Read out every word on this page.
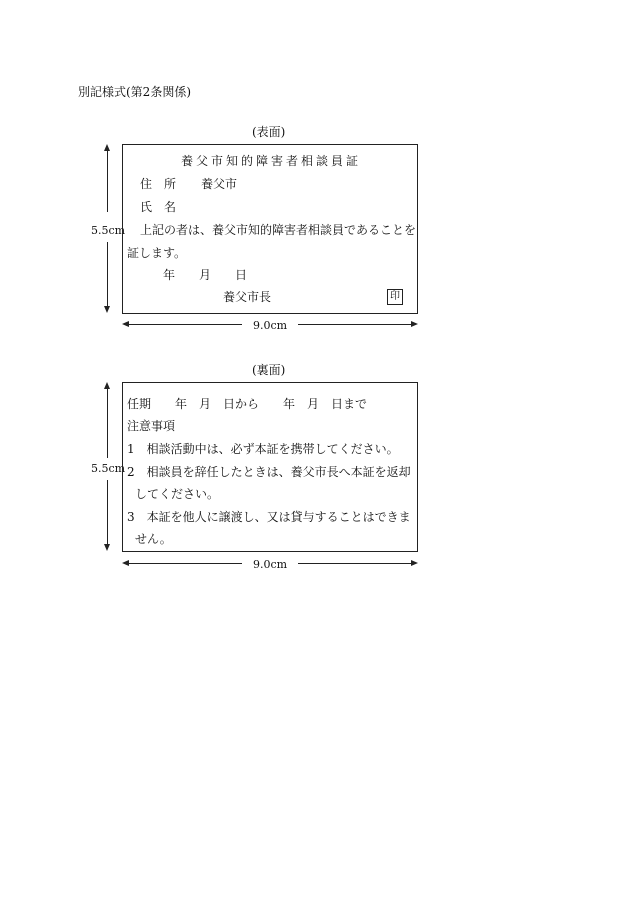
別記様式(第2条関係)
(表面)
5.5cm
養父市知的障害者相談員証
住　所 養父市
氏　名
上記の者は、養父市知的障害者相談員であることを
証します。
年　　月　　日
養父市長	印
9.0cm
(裏面)
5.5cm
任期　　年　月　日から　　年　月　日まで
注意事項
1　相談活動中は、必ず本証を携帯してください。
2　相談員を辞任したときは、養父市長へ本証を返却
してください。
3　本証を他人に譲渡し、又は貸与することはできま
せん。
9.0cm
